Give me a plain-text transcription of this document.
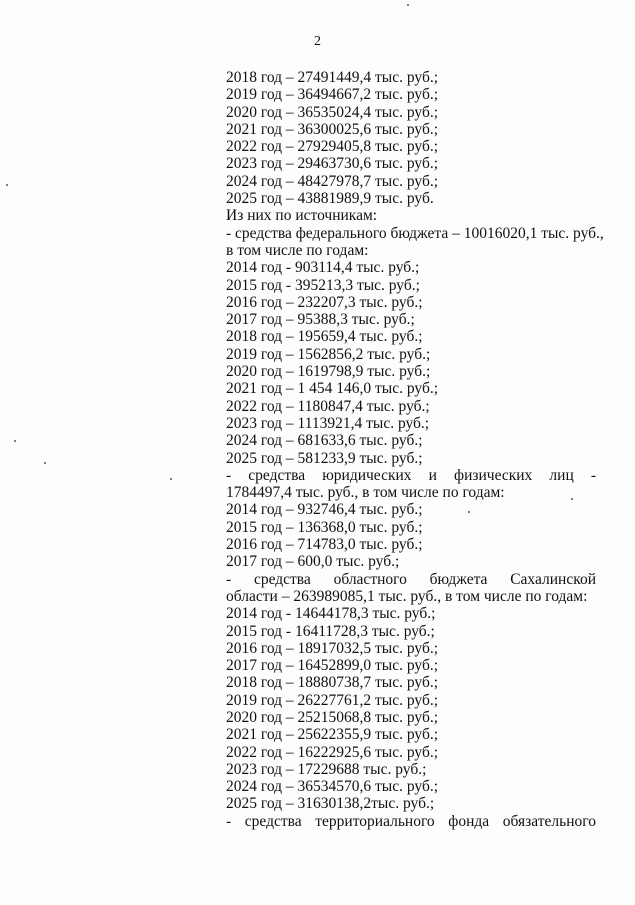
2
2018 год – 27491449,4 тыс. руб.;
2019 год – 36494667,2 тыс. руб.;
2020 год – 36535024,4 тыс. руб.;
2021 год – 36300025,6 тыс. руб.;
2022 год – 27929405,8 тыс. руб.;
2023 год – 29463730,6 тыс. руб.;
2024 год – 48427978,7 тыс. руб.;
2025 год – 43881989,9 тыс. руб.
Из них по источникам:
- средства федерального бюджета – 10016020,1 тыс. руб.,
в том числе по годам:
2014 год - 903114,4 тыс. руб.;
2015 год - 395213,3 тыс. руб.;
2016 год – 232207,3 тыс. руб.;
2017 год – 95388,3 тыс. руб.;
2018 год – 195659,4 тыс. руб.;
2019 год – 1562856,2 тыс. руб.;
2020 год – 1619798,9 тыс. руб.;
2021 год – 1 454 146,0 тыс. руб.;
2022 год – 1180847,4 тыс. руб.;
2023 год – 1113921,4 тыс. руб.;
2024 год – 681633,6 тыс. руб.;
2025 год – 581233,9 тыс. руб.;
- средства юридических и физических лиц -
1784497,4 тыс. руб., в том числе по годам:
2014 год – 932746,4 тыс. руб.;
2015 год – 136368,0 тыс. руб.;
2016 год – 714783,0 тыс. руб.;
2017 год – 600,0 тыс. руб.;
- средства областного бюджета Сахалинской
области – 263989085,1 тыс. руб., в том числе по годам:
2014 год - 14644178,3 тыс. руб.;
2015 год - 16411728,3 тыс. руб.;
2016 год – 18917032,5 тыс. руб.;
2017 год – 16452899,0 тыс. руб.;
2018 год – 18880738,7 тыс. руб.;
2019 год – 26227761,2 тыс. руб.;
2020 год – 25215068,8 тыс. руб.;
2021 год – 25622355,9 тыс. руб.;
2022 год – 16222925,6 тыс. руб.;
2023 год – 17229688 тыс. руб.;
2024 год – 36534570,6 тыс. руб.;
2025 год – 31630138,2тыс. руб.;
- средства территориального фонда обязательного
